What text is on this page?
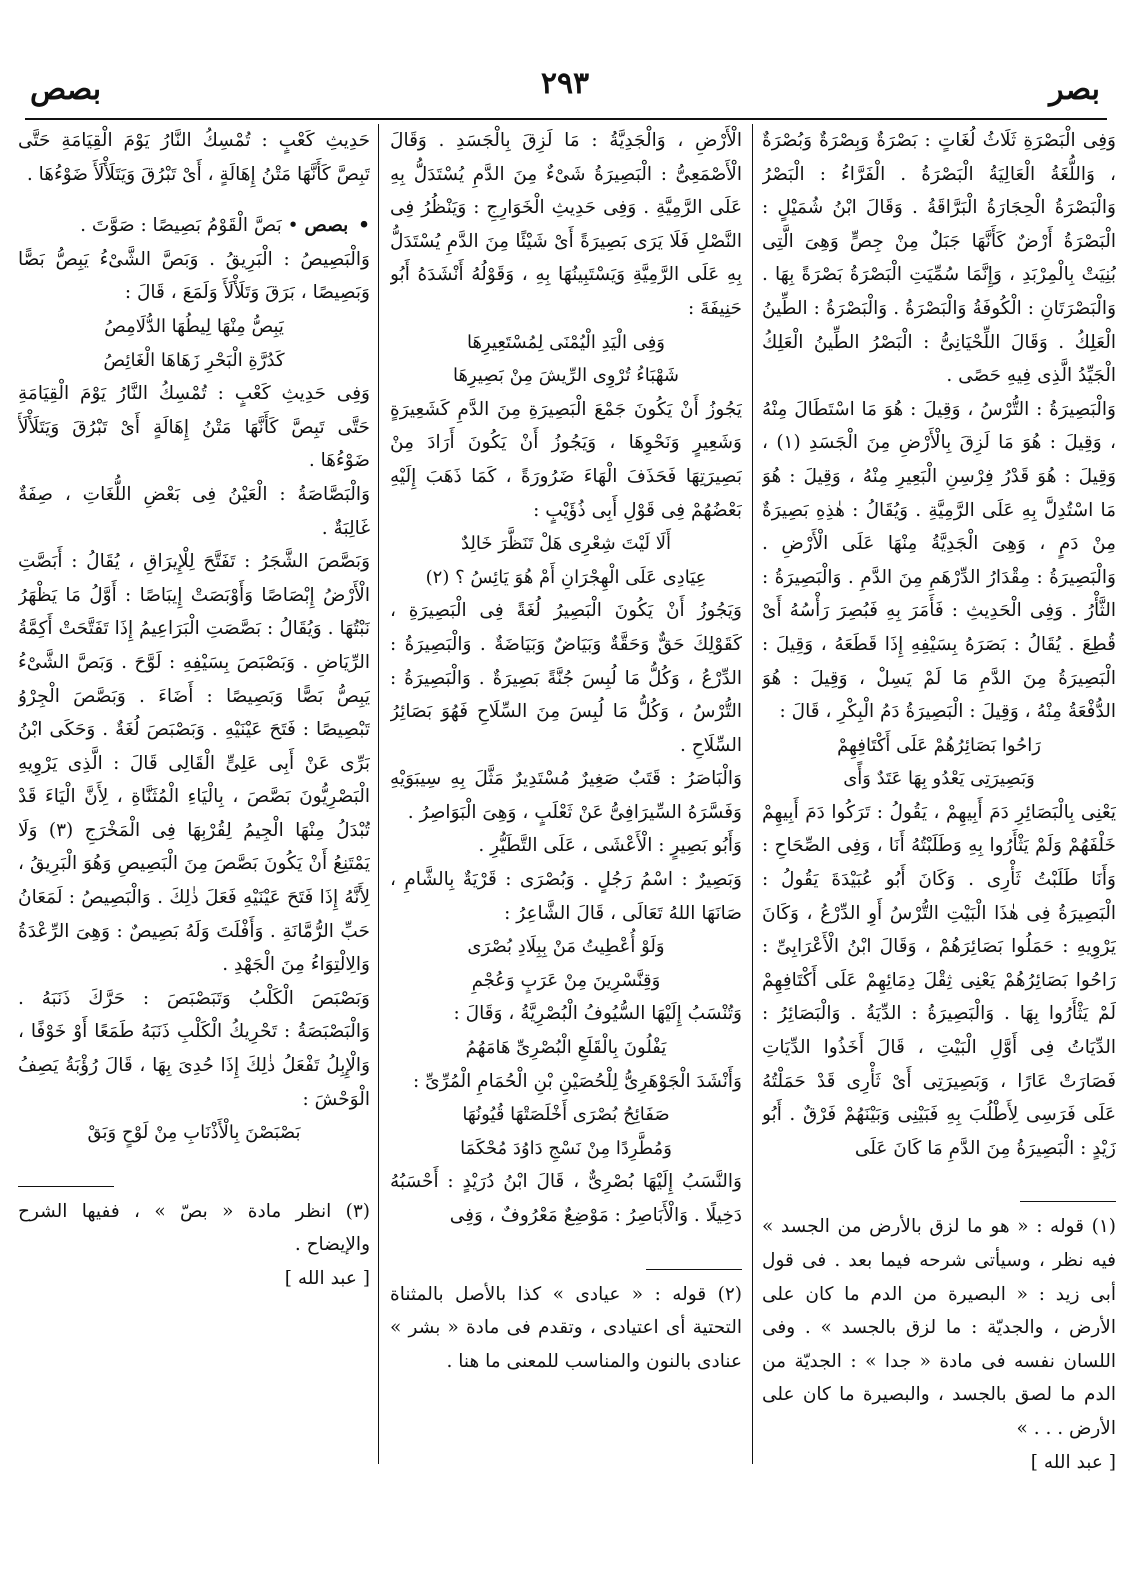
بصر
٢٩٣
بصص

وَفِى الْبَصْرَةِ ثَلَاثُ لُغَاتٍ : بَصْرَةٌ وَبِصْرَةٌ وَبُصْرَةٌ ، وَاللُّغَةُ الْعَالِيَةُ الْبَصْرَةُ . الْفَرَّاءُ : الْبَصْرُ وَالْبَصْرَةُ الْحِجَارَةُ الْبَرَّاقَةُ . وَقَالَ ابْنُ شُمَيْلٍ : الْبَصْرَةُ أَرْضٌ كَأَنَّهَا جَبَلٌ مِنْ جِصٍّ وَهِىَ الَّتِى بُنِيَتْ بِالْمِرْبَدِ ، وَإِنَّمَا سُمِّيَتِ الْبَصْرَةُ بَصْرَةً بِهَا . وَالْبَصْرَتَانِ : الْكُوفَةُ وَالْبَصْرَةُ . وَالْبَصْرَةُ : الطِّينُ الْعَلِكُ . وَقَالَ اللِّحْيَانِىُّ : الْبَصْرُ الطِّينُ الْعَلِكُ الْجَيِّدُ الَّذِى فِيهِ حَصًى .

وَالْبَصِيرَةُ : التُّرْسُ ، وَقِيلَ : هُوَ مَا اسْتَطَالَ مِنْهُ ، وَقِيلَ : هُوَ مَا لَزِقَ بِالْأَرْضِ مِنَ الْجَسَدِ (١) ، وَقِيلَ : هُوَ قَدْرُ فِرْسِنِ الْبَعِيرِ مِنْهُ ، وَقِيلَ : هُوَ مَا اسْتُدِلَّ بِهِ عَلَى الرَّمِيَّةِ . وَيُقَالُ : هٰذِهِ بَصِيرَةٌ مِنْ دَمٍ ، وَهِىَ الْجَدِيَّةُ مِنْهَا عَلَى الْأَرْضِ . وَالْبَصِيرَةُ : مِقْدَارُ الدِّرْهَمِ مِنَ الدَّمِ . وَالْبَصِيرَةُ : الثَّأْرُ . وَفِى الْحَدِيثِ : فَأَمَرَ بِهِ فَبُصِرَ رَأْسُهُ أَىْ قُطِعَ . يُقَالُ : بَصَرَهُ بِسَيْفِهِ إِذَا قَطَعَهُ ، وَقِيلَ : الْبَصِيرَةُ مِنَ الدَّمِ مَا لَمْ يَسِلْ ، وَقِيلَ : هُوَ الدُّفْعَةُ مِنْهُ ، وَقِيلَ : الْبَصِيرَةُ دَمُ الْبِكْرِ ، قَالَ :

رَاحُوا بَصَائِرُهُمْ عَلَى أَكْتَافِهِمْ

وَبَصِيرَتِى يَعْدُو بِهَا عَتَدٌ وَأًى

يَعْنِى بِالْبَصَائِرِ دَمَ أَبِيهِمْ ، يَقُولُ : تَرَكُوا دَمَ أَبِيهِمْ خَلْفَهُمْ وَلَمْ يَثْأَرُوا بِهِ وَطَلَبْتُهُ أَنَا ، وَفِى الصِّحَاحِ : وَأَنَا طَلَبْتُ ثَأْرِى . وَكَانَ أَبُو عُبَيْدَةَ يَقُولُ : الْبَصِيرَةُ فِى هٰذَا الْبَيْتِ التُّرْسُ أَوِ الدِّرْعُ ، وَكَانَ يَرْوِيهِ : حَمَلُوا بَصَائِرَهُمْ ، وَقَالَ ابْنُ الْأَعْرَابِىِّ : رَاحُوا بَصَائِرُهُمْ يَعْنِى ثِقْلَ دِمَائِهِمْ عَلَى أَكْتَافِهِمْ لَمْ يَثْأَرُوا بِهَا . وَالْبَصِيرَةُ : الدِّيَةُ . وَالْبَصَائِرُ : الدِّيَاتُ فِى أَوَّلِ الْبَيْتِ ، قَالَ أَخَذُوا الدِّيَاتِ فَصَارَتْ عَارًا ، وَبَصِيرَتِى أَىْ ثَأْرِى قَدْ حَمَلْتُهُ عَلَى فَرَسِى لِأَطْلُبَ بِهِ فَبَيْنِى وَبَيْنَهُمْ فَرْقٌ . أَبُو زَيْدٍ : الْبَصِيرَةُ مِنَ الدَّمِ مَا كَانَ عَلَى

(١) قوله : « هو ما لزق بالأرض من الجسد » فيه نظر ، وسيأتى شرحه فيما بعد . فى قول أبى زيد : « البصيرة من الدم ما كان على الأرض ، والجديّة : ما لزق بالجسد » . وفى اللسان نفسه فى مادة « جدا » : الجديّة من الدم ما لصق بالجسد ، والبصيرة ما كان على الأرض . . . »

[ عبد الله ]

الْأَرْضِ ، وَالْجَدِيَّةُ : مَا لَزِقَ بِالْجَسَدِ . وَقَالَ الْأَصْمَعِىُّ : الْبَصِيرَةُ شَىْءٌ مِنَ الدَّمِ يُسْتَدَلُّ بِهِ عَلَى الرَّمِيَّةِ . وَفِى حَدِيثِ الْخَوَارِجِ : وَيَنْظُرُ فِى النَّصْلِ فَلَا يَرَى بَصِيرَةً أَىْ شَيْئًا مِنَ الدَّمِ يُسْتَدَلُّ بِهِ عَلَى الرَّمِيَّةِ وَيَسْتَبِينُهَا بِهِ ، وَقَوْلُهُ أَنْشَدَهُ أَبُو حَنِيفَةَ :

وَفِى الْيَدِ الْيُمْنَى لِمُسْتَعِيرِهَا

شَهْبَاءُ تُرْوِى الرِّيشَ مِنْ بَصِيرِهَا

يَجُوزُ أَنْ يَكُونَ جَمْعَ الْبَصِيرَةِ مِنَ الدَّمِ كَشَعِيرَةٍ وَشَعِيرٍ وَنَحْوِهَا ، وَيَجُوزُ أَنْ يَكُونَ أَرَادَ مِنْ بَصِيرَتِهَا فَحَذَفَ الْهَاءَ ضَرُورَةً ، كَمَا ذَهَبَ إِلَيْهِ بَعْضُهُمْ فِى قَوْلِ أَبِى ذُؤَيْبٍ :

أَلَا لَيْتَ شِعْرِى هَلْ تَنَظَّرَ خَالِدٌ

عِيَادِى عَلَى الْهِجْرَانِ أَمْ هُوَ يَائِسُ ؟ (٢)

وَيَجُوزُ أَنْ يَكُونَ الْبَصِيرُ لُغَةً فِى الْبَصِيرَةِ ، كَقَوْلِكَ حَقٌّ وَحَقَّةٌ وَبَيَاضٌ وَبَيَاضَةٌ . وَالْبَصِيرَةُ : الدِّرْعُ ، وَكُلُّ مَا لُبِسَ جُنَّةً بَصِيرَةٌ . وَالْبَصِيرَةُ : التُّرْسُ ، وَكُلُّ مَا لُبِسَ مِنَ السِّلَاحِ فَهُوَ بَصَائِرُ السِّلَاحِ .

وَالْبَاصَرُ : قَتَبٌ صَغِيرٌ مُسْتَدِيرٌ مَثَّلَ بِهِ سِيبَوَيْهِ وَفَسَّرَهُ السِّيرَافِىُّ عَنْ ثَعْلَبٍ ، وَهِىَ الْبَوَاصِرُ .

وَأَبُو بَصِيرٍ : الْأَعْشَى ، عَلَى التَّطَيُّرِ .

وَبَصِيرٌ : اسْمُ رَجُلٍ . وَبُصْرَى : قَرْيَةٌ بِالشَّامِ ، صَانَهَا اللهُ تَعَالَى ، قَالَ الشَّاعِرُ :

وَلَوْ أُعْطِيتُ مَنْ بِبِلَادِ بُصْرَى

وَقِنَّسْرِينَ مِنْ عَرَبٍ وَعُجْمِ

وَتُنْسَبُ إِلَيْهَا السُّيُوفُ الْبُصْرِيَّةُ ، وَقَالَ :

يَفْلُونَ بِالْقَلَعِ الْبُصْرِىِّ هَامَهُمُ

وَأَنْشَدَ الْجَوْهَرِىُّ لِلْحُصَيْنِ بْنِ الْحُمَامِ الْمُرِّىِّ :

صَفَائِحُ بُصْرَى أَخْلَصَتْهَا قُيُونُهَا

وَمُطَّرِدًا مِنْ نَسْجِ دَاوُدَ مُحْكَمَا

وَالنَّسَبُ إِلَيْهَا بُصْرِىٌّ ، قَالَ ابْنُ دُرَيْدٍ : أَحْسَبُهُ دَخِيلًا . وَالْأَبَاصِرُ : مَوْضِعٌ مَعْرُوفٌ ، وَفِى

(٢) قوله : « عيادى » كذا بالأصل بالمثناة التحتية أى اعتيادى ، وتقدم فى مادة « بشر » عنادى بالنون والمناسب للمعنى ما هنا .

حَدِيثِ كَعْبٍ : تُمْسِكُ النَّارُ يَوْمَ الْقِيَامَةِ حَتَّى تَبِصَّ كَأَنَّهَا مَتْنُ إِهَالَةٍ ، أَىْ تَبْرُقَ وَيَتَلَأْلَأَ ضَوْءُهَا .

• بصص • بَصَّ الْقَوْمُ بَصِيصًا : صَوَّتَ .

وَالْبَصِيصُ : الْبَرِيقُ . وَبَصَّ الشَّىْءُ يَبِصُّ بَصًّا وَبَصِيصًا ، بَرَقَ وَتَلَأْلَأَ وَلَمَعَ ، قَالَ :

يَبِصُّ مِنْهَا لِيطُهَا الدُّلَامِصُ

كَدُرَّةِ الْبَحْرِ زَهَاهَا الْغَائِصُ

وَفِى حَدِيثِ كَعْبٍ : تُمْسِكُ النَّارُ يَوْمَ الْقِيَامَةِ حَتَّى تَبِصَّ كَأَنَّهَا مَتْنُ إِهَالَةٍ أَىْ تَبْرُقَ وَيَتَلَأْلَأَ ضَوْءُهَا .

وَالْبَصَّاصَةُ : الْعَيْنُ فِى بَعْضِ اللُّغَاتِ ، صِفَةٌ غَالِبَةٌ .

وَبَصَّصَ الشَّجَرُ : تَفَتَّحَ لِلْإِيرَاقِ ، يُقَالُ : أَبَصَّتِ الْأَرْضُ إِبْصَاصًا وَأَوْبَصَتْ إِيبَاصًا : أَوَّلُ مَا يَظْهَرُ نَبْتُهَا . وَيُقَالُ : بَصَّصَتِ الْبَرَاعِيمُ إِذَا تَفَتَّحَتْ أَكِمَّةُ الرِّيَاضِ . وَبَصْبَصَ بِسَيْفِهِ : لَوَّحَ . وَبَصَّ الشَّىْءُ يَبِصُّ بَصًّا وَبَصِيصًا : أَضَاءَ . وَبَصَّصَ الْجِرْوُ تَبْصِيصًا : فَتَحَ عَيْنَيْهِ . وَبَصْبَصَ لُغَةٌ . وَحَكَى ابْنُ بَرِّى عَنْ أَبِى عَلِىٍّ الْقَالِى قَالَ : الَّذِى يَرْوِيهِ الْبَصْرِيُّونَ بَصَّصَ ، بِالْيَاءِ الْمُثَنَّاةِ ، لِأَنَّ الْيَاءَ قَدْ تُبْدَلُ مِنْهَا الْجِيمُ لِقُرْبِهَا فِى الْمَخْرَجِ (٣) وَلَا يَمْتَنِعُ أَنْ يَكُونَ بَصَّصَ مِنَ الْبَصِيصِ وَهُوَ الْبَرِيقُ ، لِأَنَّهُ إِذَا فَتَحَ عَيْنَيْهِ فَعَلَ ذٰلِكَ . وَالْبَصِيصُ : لَمَعَانُ حَبِّ الرُّمَّانَةِ . وَأَفْلَتَ وَلَهُ بَصِيصٌ : وَهِىَ الرِّعْدَةُ وَالِالْتِوَاءُ مِنَ الْجَهْدِ .

وَبَصْبَصَ الْكَلْبُ وَتَبَصْبَصَ : حَرَّكَ ذَنَبَهُ . وَالْبَصْبَصَةُ : تَحْرِيكُ الْكَلْبِ ذَنَبَهُ طَمَعًا أَوْ خَوْفًا ، وَالْإِبِلُ تَفْعَلُ ذٰلِكَ إِذَا حُدِىَ بِهَا ، قَالَ رُؤْبَةُ يَصِفُ الْوَحْشَ :

بَصْبَصْنَ بِالْأَذْنَابِ مِنْ لَوْحٍ وَبَقْ

(٣) انظر مادة « بصّ » ، ففيها الشرح والإيضاح .

[ عبد الله ]
